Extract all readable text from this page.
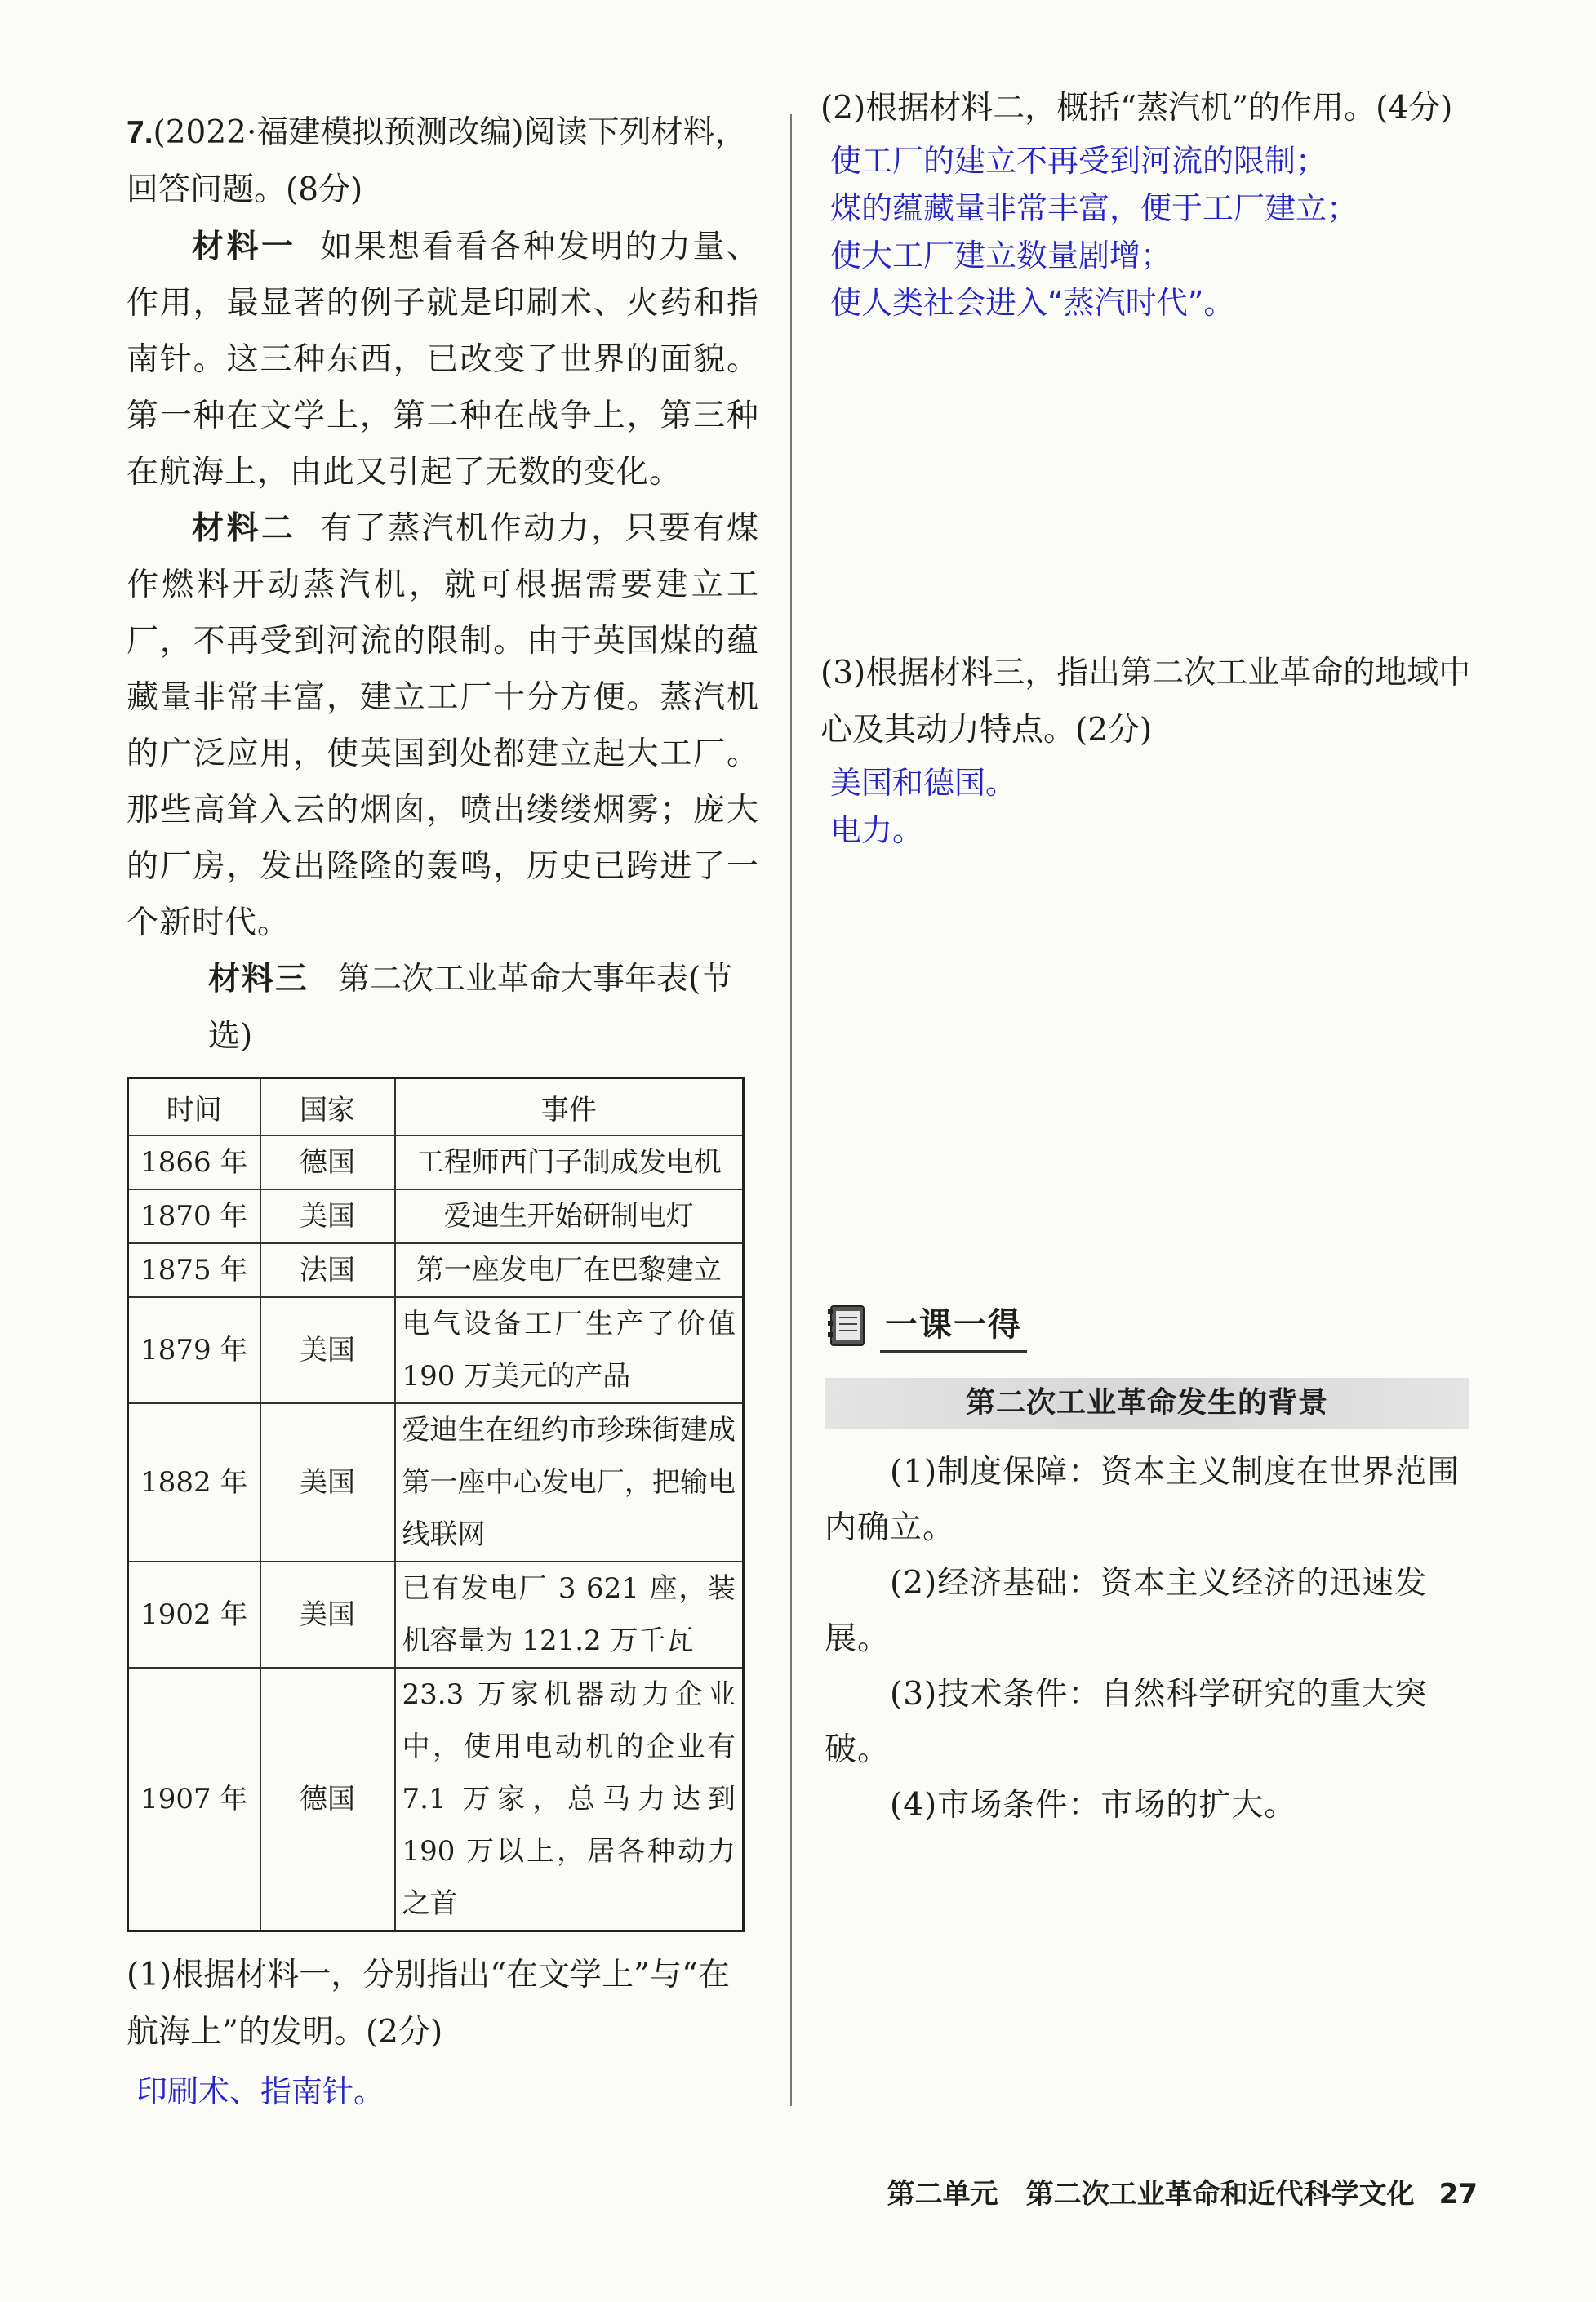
7.(2022·福建模拟预测改编)阅读下列材料，

回答问题。(8分)

材料一 如果想看看各种发明的力量、作用，最显著的例子就是印刷术、火药和指南针。这三种东西，已改变了世界的面貌。第一种在文学上，第二种在战争上，第三种在航海上，由此又引起了无数的变化。

材料二 有了蒸汽机作动力，只要有煤作燃料开动蒸汽机，就可根据需要建立工厂，不再受到河流的限制。由于英国煤的蕴藏量非常丰富，建立工厂十分方便。蒸汽机的广泛应用，使英国到处都建立起大工厂。那些高耸入云的烟囱，喷出缕缕烟雾；庞大的厂房，发出隆隆的轰鸣，历史已跨进了一个新时代。

材料三 第二次工业革命大事年表(节选)

时间	国家	事件
1866 年	德国	工程师西门子制成发电机
1870 年	美国	爱迪生开始研制电灯
1875 年	法国	第一座发电厂在巴黎建立
1879 年	美国	电气设备工厂生产了价值190 万美元的产品
1882 年	美国	爱迪生在纽约市珍珠街建成第一座中心发电厂，把输电线联网
1902 年	美国	已有发电厂 3 621 座，装机容量为 121.2 万千瓦
1907 年	德国	23.3 万家机器动力企业中，使用电动机的企业有 7.1 万家，总马力达到 190 万以上，居各种动力之首

(1)根据材料一，分别指出“在文学上”与“在航海上”的发明。(2分)

印刷术、指南针。

(2)根据材料二，概括“蒸汽机”的作用。(4分)

使工厂的建立不再受到河流的限制；

煤的蕴藏量非常丰富，便于工厂建立；

使大工厂建立数量剧增；

使人类社会进入“蒸汽时代”。

(3)根据材料三，指出第二次工业革命的地域中心及其动力特点。(2分)

美国和德国。

电力。

一课一得
第二次工业革命发生的背景

(1)制度保障：资本主义制度在世界范围内确立。

(2)经济基础：资本主义经济的迅速发展。

(3)技术条件：自然科学研究的重大突破。

(4)市场条件：市场的扩大。

第二单元　第二次工业革命和近代科学文化 27
